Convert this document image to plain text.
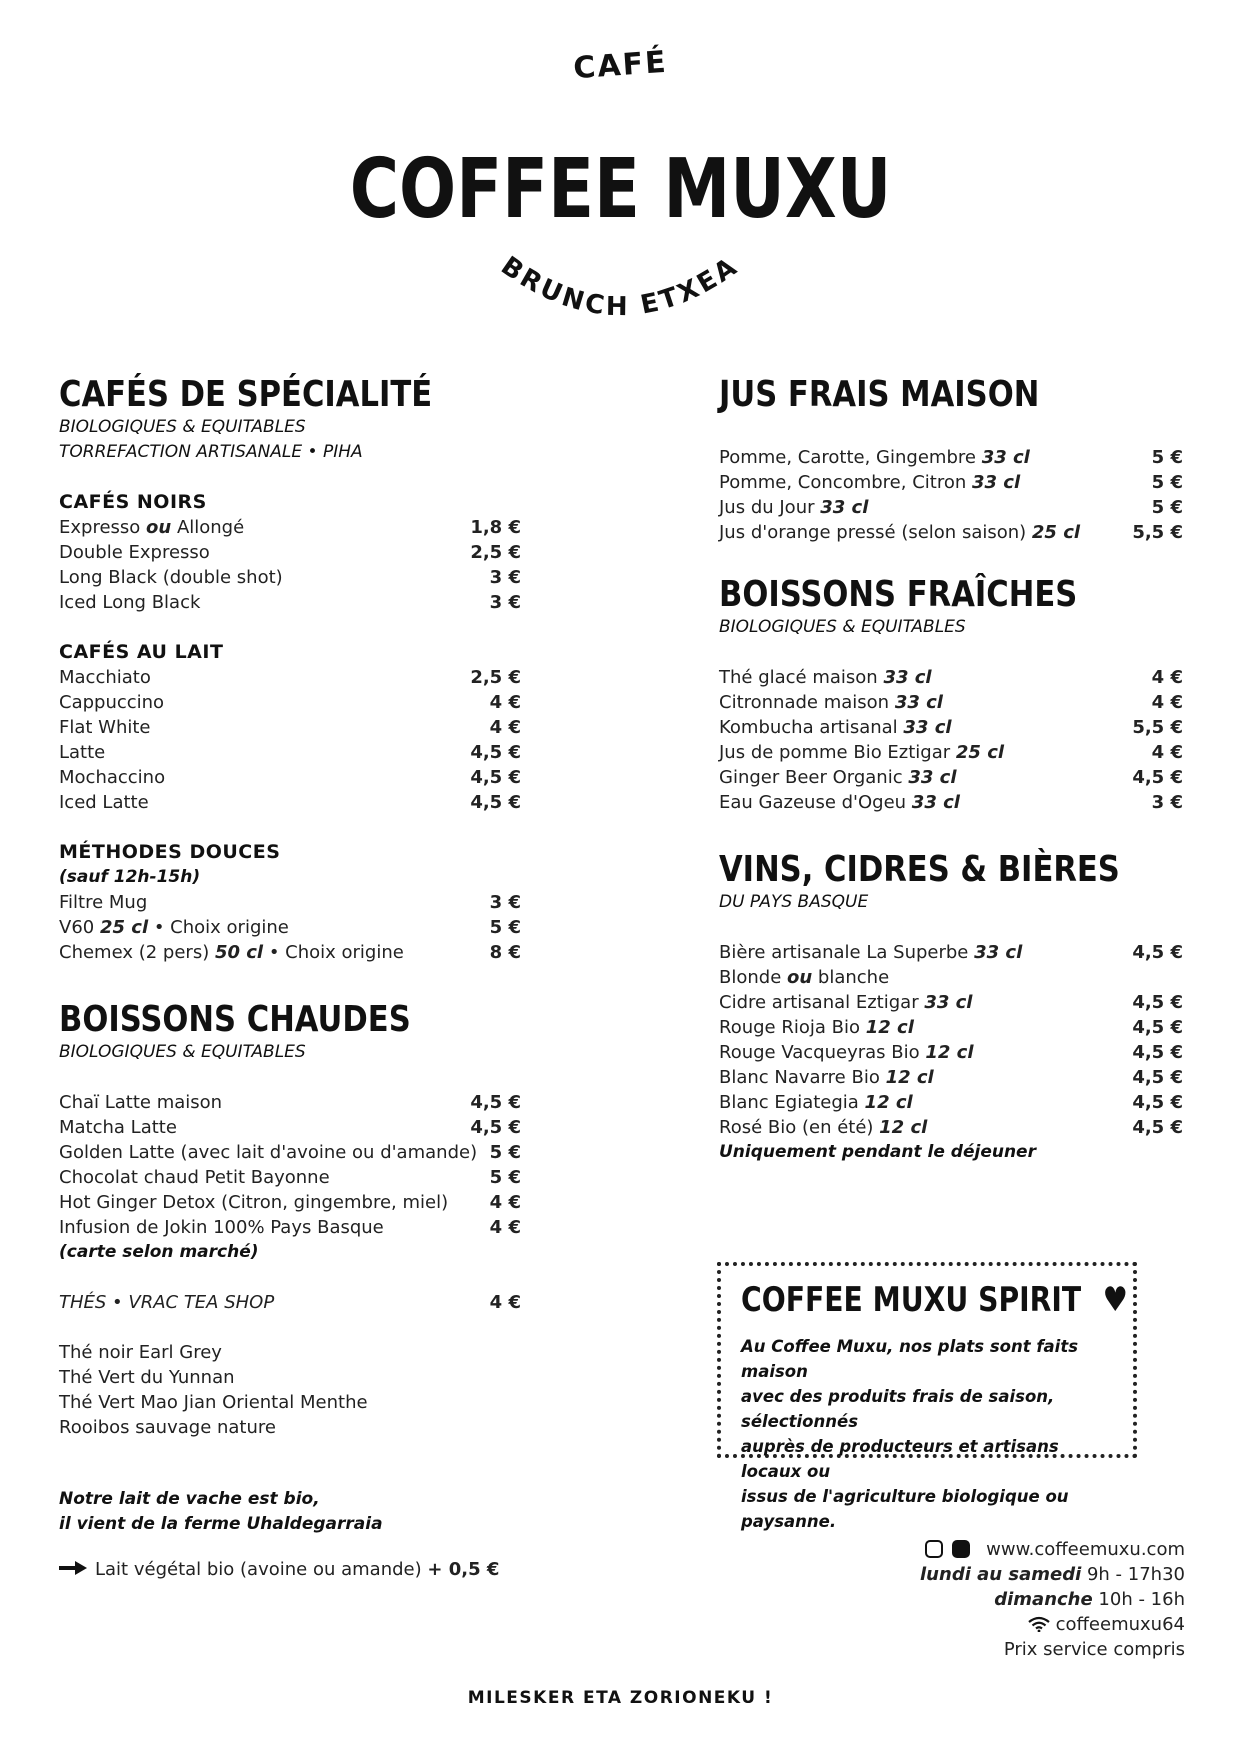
CAFÉ
COFFEE MUXU
BRUNCH ETXEA
CAFÉS DE SPÉCIALITÉ
BIOLOGIQUES & EQUITABLES
TORREFACTION ARTISANALE • PIHA
CAFÉS NOIRS
Expresso ou Allongé	1,8 €
Double Expresso	2,5 €
Long Black (double shot)	3 €
Iced Long Black	3 €
CAFÉS AU LAIT
Macchiato	2,5 €
Cappuccino	4 €
Flat White	4 €
Latte	4,5 €
Mochaccino	4,5 €
Iced Latte	4,5 €
MÉTHODES DOUCES
(sauf 12h-15h)
Filtre Mug	3 €
V60 25 cl • Choix origine	5 €
Chemex (2 pers) 50 cl • Choix origine	8 €
BOISSONS CHAUDES
BIOLOGIQUES & EQUITABLES
Chaï Latte maison	4,5 €
Matcha Latte	4,5 €
Golden Latte (avec lait d'avoine ou d'amande) 5 €
Chocolat chaud Petit Bayonne	5 €
Hot Ginger Detox (Citron, gingembre, miel) 4 €
Infusion de Jokin 100% Pays Basque	4 €
(carte selon marché)
THÉS • VRAC TEA SHOP	4 €
Thé noir Earl Grey
Thé Vert du Yunnan
Thé Vert Mao Jian Oriental Menthe
Rooibos sauvage nature
Notre lait de vache est bio,
il vient de la ferme Uhaldegarraia
Lait végétal bio (avoine ou amande) + 0,5 €
JUS FRAIS MAISON
Pomme, Carotte, Gingembre 33 cl	5 €
Pomme, Concombre, Citron 33 cl	5 €
Jus du Jour 33 cl	5 €
Jus d'orange pressé (selon saison) 25 cl	5,5 €
BOISSONS FRAÎCHES
BIOLOGIQUES & EQUITABLES
Thé glacé maison 33 cl	4 €
Citronnade maison 33 cl	4 €
Kombucha artisanal 33 cl	5,5 €
Jus de pomme Bio Eztigar 25 cl	4 €
Ginger Beer Organic 33 cl	4,5 €
Eau Gazeuse d'Ogeu 33 cl	3 €
VINS, CIDRES & BIÈRES
DU PAYS BASQUE
Bière artisanale La Superbe 33 cl	4,5 €
Blonde ou blanche
Cidre artisanal Eztigar 33 cl	4,5 €
Rouge Rioja Bio 12 cl	4,5 €
Rouge Vacqueyras Bio 12 cl	4,5 €
Blanc Navarre Bio 12 cl	4,5 €
Blanc Egiategia 12 cl	4,5 €
Rosé Bio (en été) 12 cl	4,5 €
Uniquement pendant le déjeuner
COFFEE MUXU SPIRIT ♥
Au Coffee Muxu, nos plats sont faits maison
avec des produits frais de saison, sélectionnés
auprès de producteurs et artisans locaux ou
issus de l'agriculture biologique ou paysanne.
www.coffeemuxu.com
lundi au samedi 9h - 17h30
dimanche 10h - 16h
coffeemuxu64
Prix service compris
MILESKER ETA ZORIONEKU !
